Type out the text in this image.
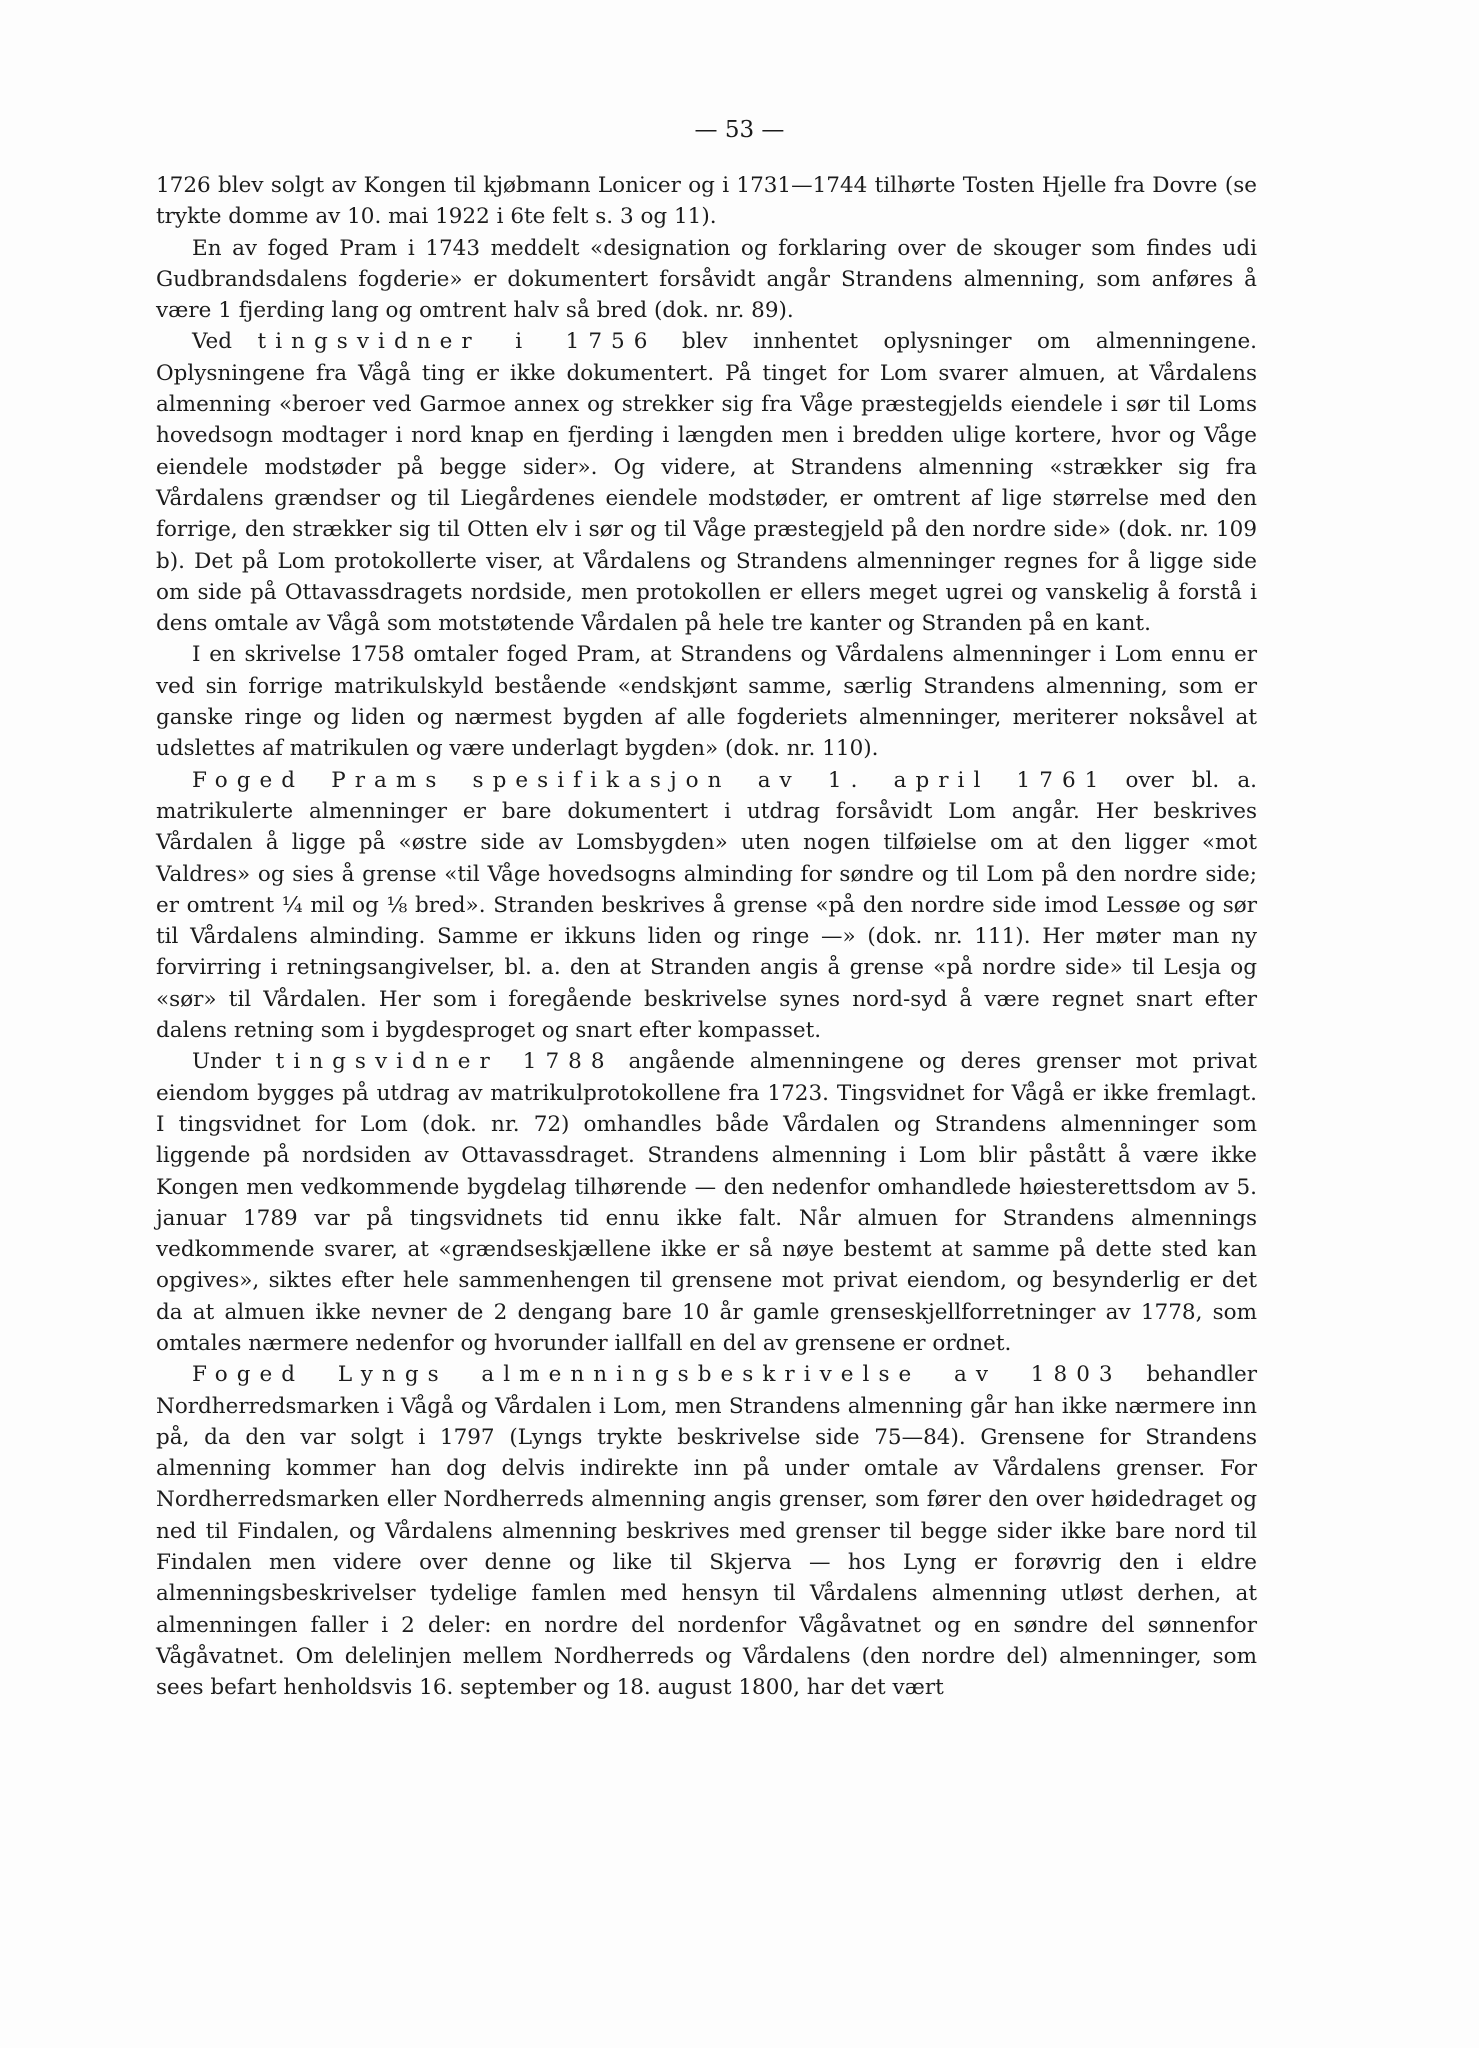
— 53 —

1726 blev solgt av Kongen til kjøbmann Lonicer og i 1731—1744 tilhørte Tosten Hjelle fra Dovre (se trykte domme av 10. mai 1922 i 6te felt s. 3 og 11).

En av foged Pram i 1743 meddelt «designation og forklaring over de skouger som findes udi Gudbrandsdalens fogderie» er dokumentert forsåvidt angår Strandens almenning, som anføres å være 1 fjerding lang og omtrent halv så bred (dok. nr. 89).

Ved tingsvidner i 1756 blev innhentet oplysninger om almenningene. Oplysningene fra Vågå ting er ikke dokumentert. På tinget for Lom svarer almuen, at Vårdalens almenning «beroer ved Garmoe annex og strekker sig fra Våge præstegjelds eiendele i sør til Loms hovedsogn modtager i nord knap en fjerding i længden men i bredden ulige kortere, hvor og Våge eiendele modstøder på begge sider». Og videre, at Strandens almenning «strækker sig fra Vårdalens grændser og til Liegårdenes eiendele modstøder, er omtrent af lige størrelse med den forrige, den strækker sig til Otten elv i sør og til Våge præstegjeld på den nordre side» (dok. nr. 109 b). Det på Lom protokollerte viser, at Vårdalens og Strandens almenninger regnes for å ligge side om side på Ottavassdragets nordside, men protokollen er ellers meget ugrei og vanskelig å forstå i dens omtale av Vågå som motstøtende Vårdalen på hele tre kanter og Stranden på en kant.

I en skrivelse 1758 omtaler foged Pram, at Strandens og Vårdalens almenninger i Lom ennu er ved sin forrige matrikulskyld bestående «endskjønt samme, særlig Strandens almenning, som er ganske ringe og liden og nærmest bygden af alle fogderiets almenninger, meriterer noksåvel at udslettes af matrikulen og være underlagt bygden» (dok. nr. 110).

Foged Prams spesifikasjon av 1. april 1761 over bl. a. matrikulerte almenninger er bare dokumentert i utdrag forsåvidt Lom angår. Her beskrives Vårdalen å ligge på «østre side av Lomsbygden» uten nogen tilføielse om at den ligger «mot Valdres» og sies å grense «til Våge hovedsogns alminding for søndre og til Lom på den nordre side; er omtrent ¼ mil og ⅛ bred». Stranden beskrives å grense «på den nordre side imod Lessøe og sør til Vårdalens alminding. Samme er ikkuns liden og ringe —» (dok. nr. 111). Her møter man ny forvirring i retningsangivelser, bl. a. den at Stranden angis å grense «på nordre side» til Lesja og «sør» til Vårdalen. Her som i foregående beskrivelse synes nord-syd å være regnet snart efter dalens retning som i bygdesproget og snart efter kompasset.

Under tingsvidner 1788 angående almenningene og deres grenser mot privat eiendom bygges på utdrag av matrikulprotokollene fra 1723. Tingsvidnet for Vågå er ikke fremlagt. I tingsvidnet for Lom (dok. nr. 72) omhandles både Vårdalen og Strandens almenninger som liggende på nordsiden av Ottavassdraget. Strandens almenning i Lom blir påstått å være ikke Kongen men vedkommende bygdelag tilhørende — den nedenfor omhandlede høiesterettsdom av 5. januar 1789 var på tingsvidnets tid ennu ikke falt. Når almuen for Strandens almennings vedkommende svarer, at «grændseskjællene ikke er så nøye bestemt at samme på dette sted kan opgives», siktes efter hele sammenhengen til grensene mot privat eiendom, og besynderlig er det da at almuen ikke nevner de 2 dengang bare 10 år gamle grenseskjellforretninger av 1778, som omtales nærmere nedenfor og hvorunder iallfall en del av grensene er ordnet.

Foged Lyngs almenningsbeskrivelse av 1803 behandler Nordherredsmarken i Vågå og Vårdalen i Lom, men Strandens almenning går han ikke nærmere inn på, da den var solgt i 1797 (Lyngs trykte beskrivelse side 75—84). Grensene for Strandens almenning kommer han dog delvis indirekte inn på under omtale av Vårdalens grenser. For Nordherredsmarken eller Nordherreds almenning angis grenser, som fører den over høidedraget og ned til Findalen, og Vårdalens almenning beskrives med grenser til begge sider ikke bare nord til Findalen men videre over denne og like til Skjerva — hos Lyng er forøvrig den i eldre almenningsbeskrivelser tydelige famlen med hensyn til Vårdalens almenning utløst derhen, at almenningen faller i 2 deler: en nordre del nordenfor Vågåvatnet og en søndre del sønnenfor Vågåvatnet. Om delelinjen mellem Nordherreds og Vårdalens (den nordre del) almenninger, som sees befart henholdsvis 16. september og 18. august 1800, har det vært
